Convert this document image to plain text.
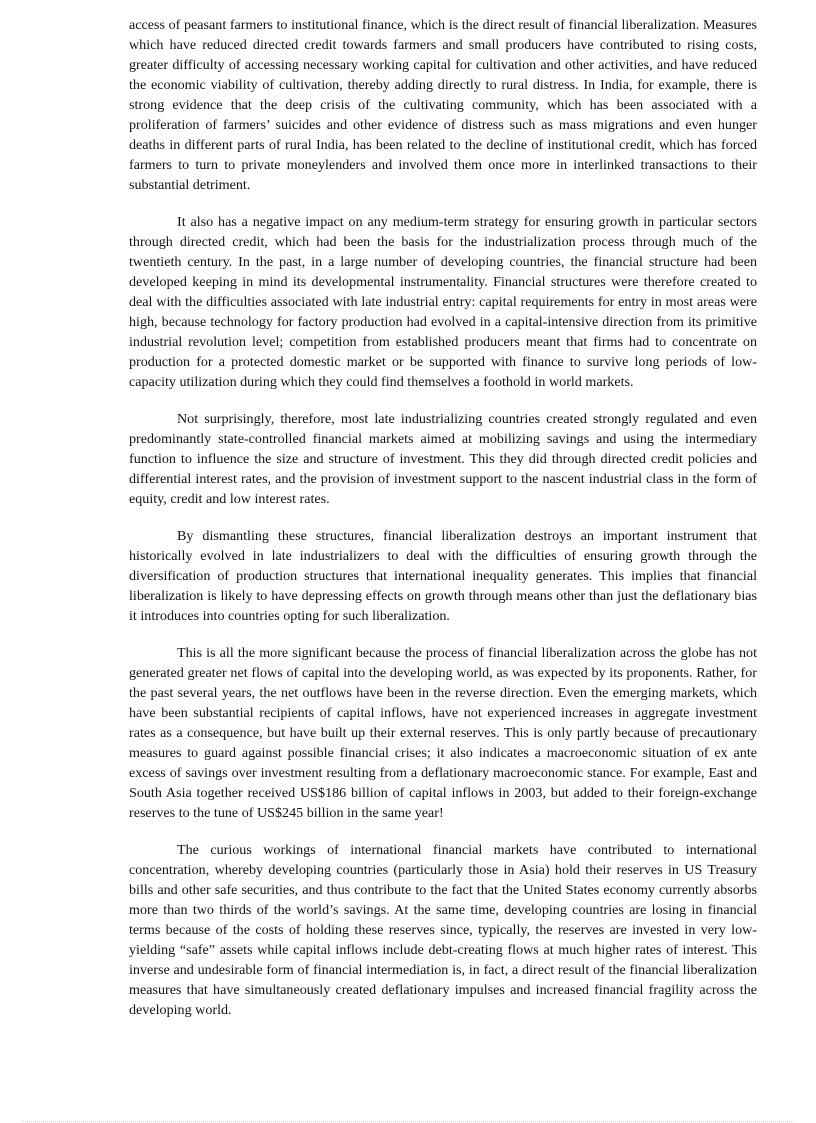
access of peasant farmers to institutional finance, which is the direct result of financial liberalization. Measures which have reduced directed credit towards farmers and small producers have contributed to rising costs, greater difficulty of accessing necessary working capital for cultivation and other activities, and have reduced the economic viability of cultivation, thereby adding directly to rural distress. In India, for example, there is strong evidence that the deep crisis of the cultivating community, which has been associated with a proliferation of farmers’ suicides and other evidence of distress such as mass migrations and even hunger deaths in different parts of rural India, has been related to the decline of institutional credit, which has forced farmers to turn to private moneylenders and involved them once more in interlinked transactions to their substantial detriment.

It also has a negative impact on any medium-term strategy for ensuring growth in particular sectors through directed credit, which had been the basis for the industrialization process through much of the twentieth century. In the past, in a large number of developing countries, the financial structure had been developed keeping in mind its developmental instrumentality. Financial structures were therefore created to deal with the difficulties associated with late industrial entry: capital requirements for entry in most areas were high, because technology for factory production had evolved in a capital-intensive direction from its primitive industrial revolution level; competition from established producers meant that firms had to concentrate on production for a protected domestic market or be supported with finance to survive long periods of low-capacity utilization during which they could find themselves a foothold in world markets.

Not surprisingly, therefore, most late industrializing countries created strongly regulated and even predominantly state-controlled financial markets aimed at mobilizing savings and using the intermediary function to influence the size and structure of investment. This they did through directed credit policies and differential interest rates, and the provision of investment support to the nascent industrial class in the form of equity, credit and low interest rates.

By dismantling these structures, financial liberalization destroys an important instrument that historically evolved in late industrializers to deal with the difficulties of ensuring growth through the diversification of production structures that international inequality generates. This implies that financial liberalization is likely to have depressing effects on growth through means other than just the deflationary bias it introduces into countries opting for such liberalization.

This is all the more significant because the process of financial liberalization across the globe has not generated greater net flows of capital into the developing world, as was expected by its proponents. Rather, for the past several years, the net outflows have been in the reverse direction. Even the emerging markets, which have been substantial recipients of capital inflows, have not experienced increases in aggregate investment rates as a consequence, but have built up their external reserves. This is only partly because of precautionary measures to guard against possible financial crises; it also indicates a macroeconomic situation of ex ante excess of savings over investment resulting from a deflationary macroeconomic stance. For example, East and South Asia together received US$186 billion of capital inflows in 2003, but added to their foreign-exchange reserves to the tune of US$245 billion in the same year!

The curious workings of international financial markets have contributed to international concentration, whereby developing countries (particularly those in Asia) hold their reserves in US Treasury bills and other safe securities, and thus contribute to the fact that the United States economy currently absorbs more than two thirds of the world’s savings. At the same time, developing countries are losing in financial terms because of the costs of holding these reserves since, typically, the reserves are invested in very low-yielding “safe” assets while capital inflows include debt-creating flows at much higher rates of interest. This inverse and undesirable form of financial intermediation is, in fact, a direct result of the financial liberalization measures that have simultaneously created deflationary impulses and increased financial fragility across the developing world.
